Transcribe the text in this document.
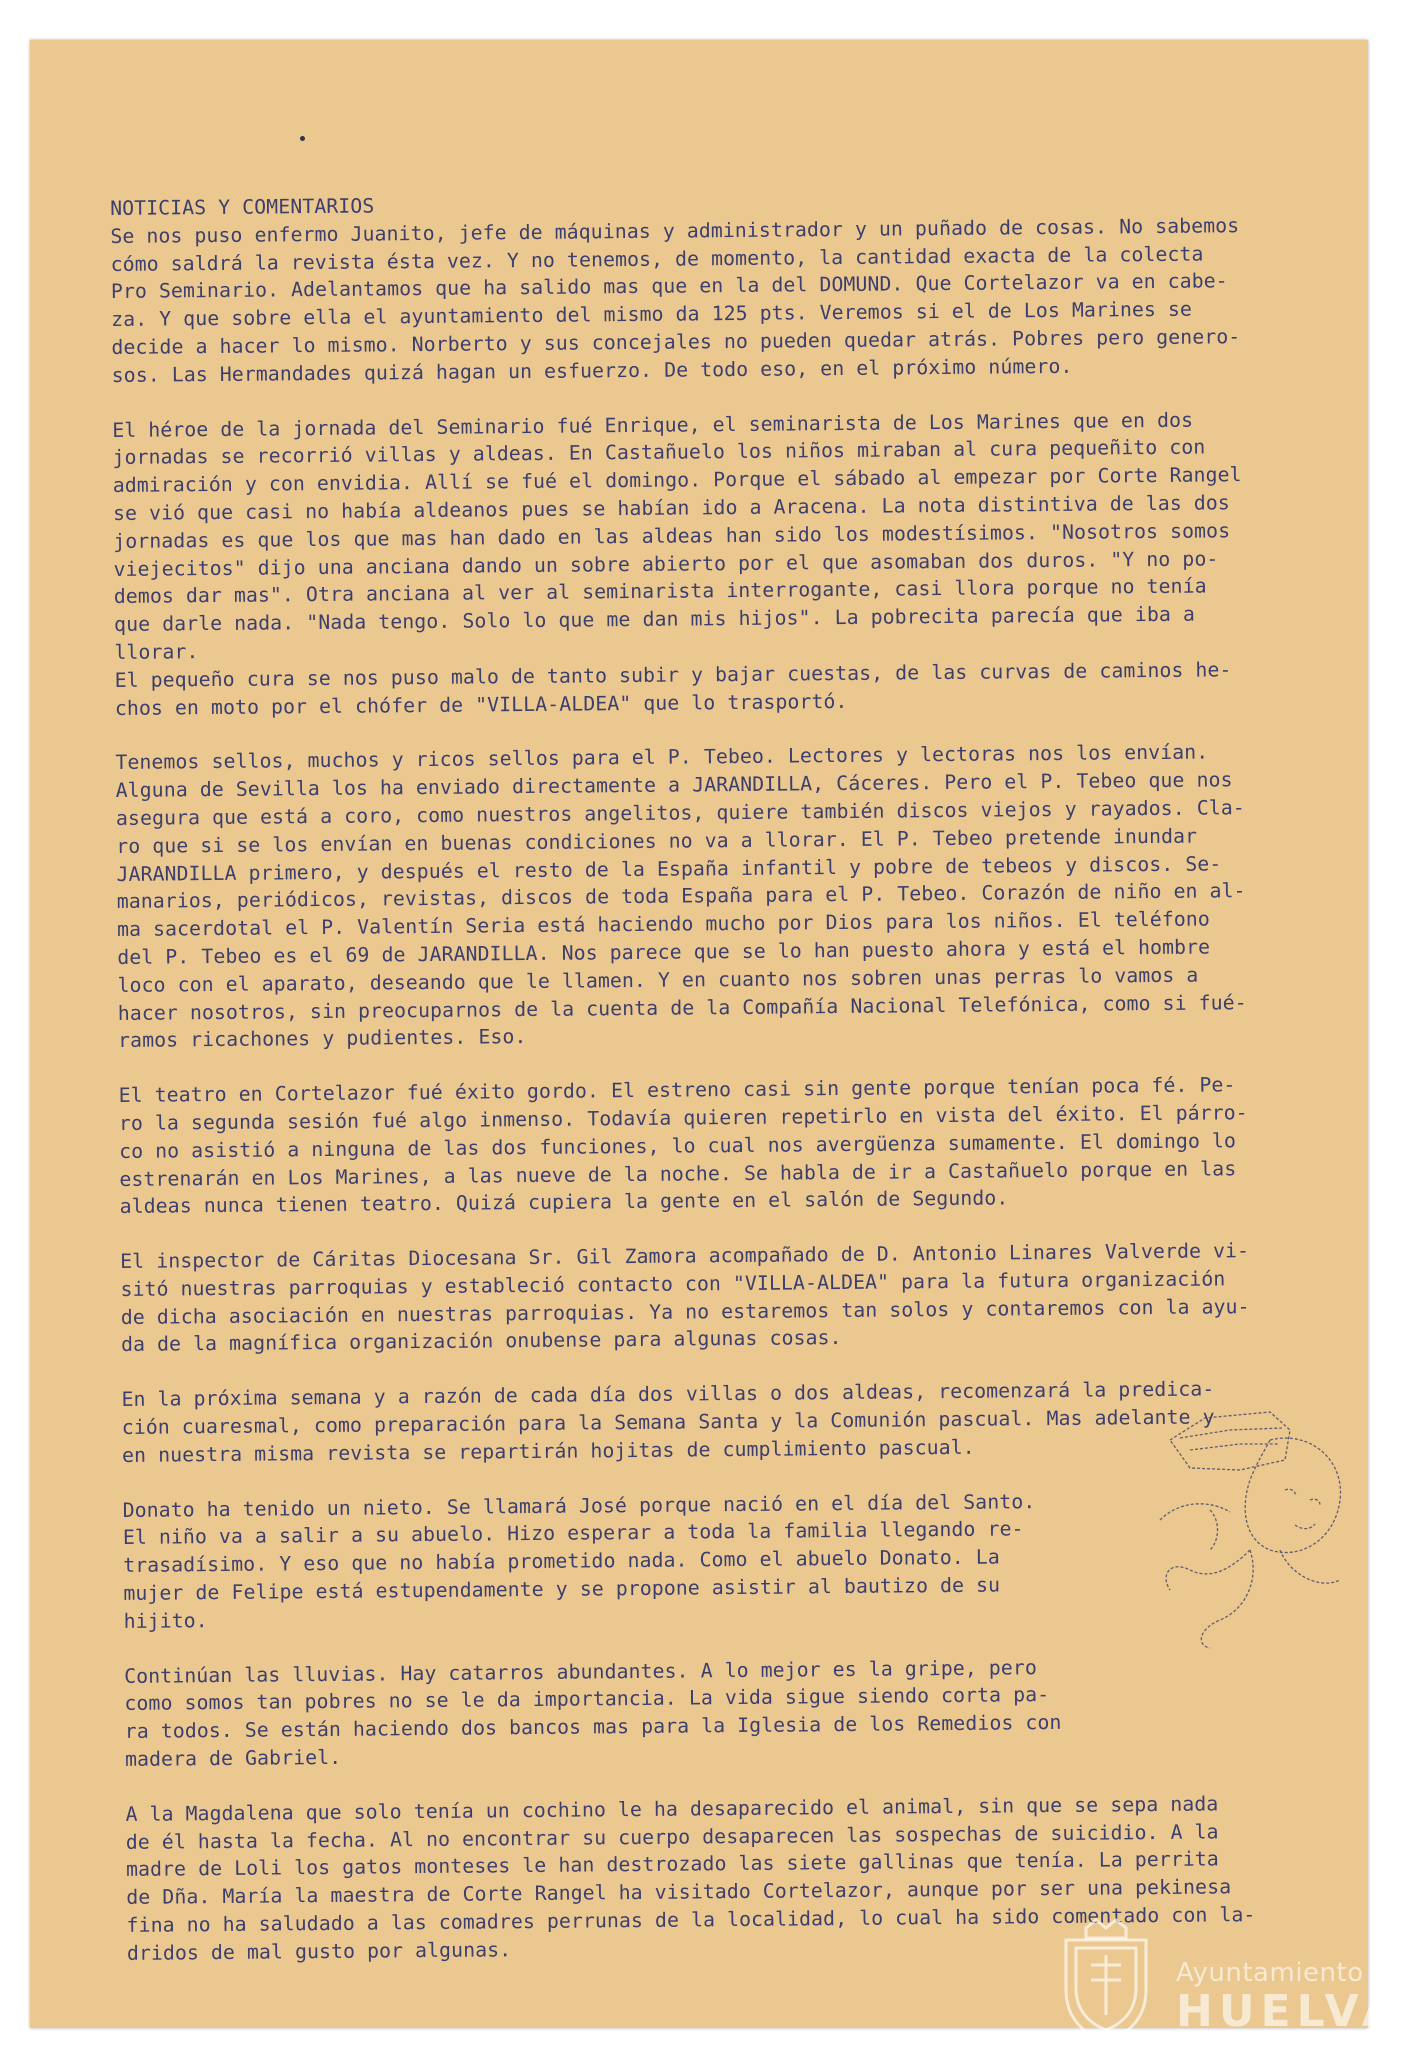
NOTICIAS Y COMENTARIOS

Se nos puso enfermo Juanito, jefe de máquinas y administrador y un puñado de cosas. No sabemos

cómo saldrá la revista ésta vez. Y no tenemos, de momento, la cantidad exacta de la colecta

Pro Seminario. Adelantamos que ha salido mas que en la del DOMUND. Que Cortelazor va en cabe-

za. Y que sobre ella el ayuntamiento del mismo da 125 pts. Veremos si el de Los Marines se

decide a hacer lo mismo. Norberto y sus concejales no pueden quedar atrás. Pobres pero genero-

sos. Las Hermandades quizá hagan un esfuerzo. De todo eso, en el próximo número.

El héroe de la jornada del Seminario fué Enrique, el seminarista de Los Marines que en dos

jornadas se recorrió villas y aldeas. En Castañuelo los niños miraban al cura pequeñito con

admiración y con envidia. Allí se fué el domingo. Porque el sábado al empezar por Corte Rangel

se vió que casi no había aldeanos pues se habían ido a Aracena. La nota distintiva de las dos

jornadas es que los que mas han dado en las aldeas han sido los modestísimos. "Nosotros somos

viejecitos" dijo una anciana dando un sobre abierto por el que asomaban dos duros. "Y no po-

demos dar mas". Otra anciana al ver al seminarista interrogante, casi llora porque no tenía

que darle nada. "Nada tengo. Solo lo que me dan mis hijos". La pobrecita parecía que iba a

llorar.

El pequeño cura se nos puso malo de tanto subir y bajar cuestas, de las curvas de caminos he-

chos en moto por el chófer de "VILLA-ALDEA" que lo trasportó.

Tenemos sellos, muchos y ricos sellos para el P. Tebeo. Lectores y lectoras nos los envían.

Alguna de Sevilla los ha enviado directamente a JARANDILLA, Cáceres. Pero el P. Tebeo que nos

asegura que está a coro, como nuestros angelitos, quiere también discos viejos y rayados. Cla-

ro que si se los envían en buenas condiciones no va a llorar. El P. Tebeo pretende inundar

JARANDILLA primero, y después el resto de la España infantil y pobre de tebeos y discos. Se-

manarios, periódicos, revistas, discos de toda España para el P. Tebeo. Corazón de niño en al-

ma sacerdotal el P. Valentín Seria está haciendo mucho por Dios para los niños. El teléfono

del P. Tebeo es el 69 de JARANDILLA. Nos parece que se lo han puesto ahora y está el hombre

loco con el aparato, deseando que le llamen. Y en cuanto nos sobren unas perras lo vamos a

hacer nosotros, sin preocuparnos de la cuenta de la Compañía Nacional Telefónica, como si fué-

ramos ricachones y pudientes. Eso.

El teatro en Cortelazor fué éxito gordo. El estreno casi sin gente porque tenían poca fé. Pe-

ro la segunda sesión fué algo inmenso. Todavía quieren repetirlo en vista del éxito. El párro-

co no asistió a ninguna de las dos funciones, lo cual nos avergüenza sumamente. El domingo lo

estrenarán en Los Marines, a las nueve de la noche. Se habla de ir a Castañuelo porque en las

aldeas nunca tienen teatro. Quizá cupiera la gente en el salón de Segundo.

El inspector de Cáritas Diocesana Sr. Gil Zamora acompañado de D. Antonio Linares Valverde vi-

sitó nuestras parroquias y estableció contacto con "VILLA-ALDEA" para la futura organización

de dicha asociación en nuestras parroquias. Ya no estaremos tan solos y contaremos con la ayu-

da de la magnífica organización onubense para algunas cosas.

En la próxima semana y a razón de cada día dos villas o dos aldeas, recomenzará la predica-

ción cuaresmal, como preparación para la Semana Santa y la Comunión pascual. Mas adelante y

en nuestra misma revista se repartirán hojitas de cumplimiento pascual.

Donato ha tenido un nieto. Se llamará José porque nació en el día del Santo.

El niño va a salir a su abuelo. Hizo esperar a toda la familia llegando re-

trasadísimo. Y eso que no había prometido nada. Como el abuelo Donato. La

mujer de Felipe está estupendamente y se propone asistir al bautizo de su

hijito.

Continúan las lluvias. Hay catarros abundantes. A lo mejor es la gripe, pero

como somos tan pobres no se le da importancia. La vida sigue siendo corta pa-

ra todos. Se están haciendo dos bancos mas para la Iglesia de los Remedios con

madera de Gabriel.

A la Magdalena que solo tenía un cochino le ha desaparecido el animal, sin que se sepa nada

de él hasta la fecha. Al no encontrar su cuerpo desaparecen las sospechas de suicidio. A la

madre de Loli los gatos monteses le han destrozado las siete gallinas que tenía. La perrita

de Dña. María la maestra de Corte Rangel ha visitado Cortelazor, aunque por ser una pekinesa

fina no ha saludado a las comadres perrunas de la localidad, lo cual ha sido comentado con la-

dridos de mal gusto por algunas.

Ayuntamiento de
HUELVA
